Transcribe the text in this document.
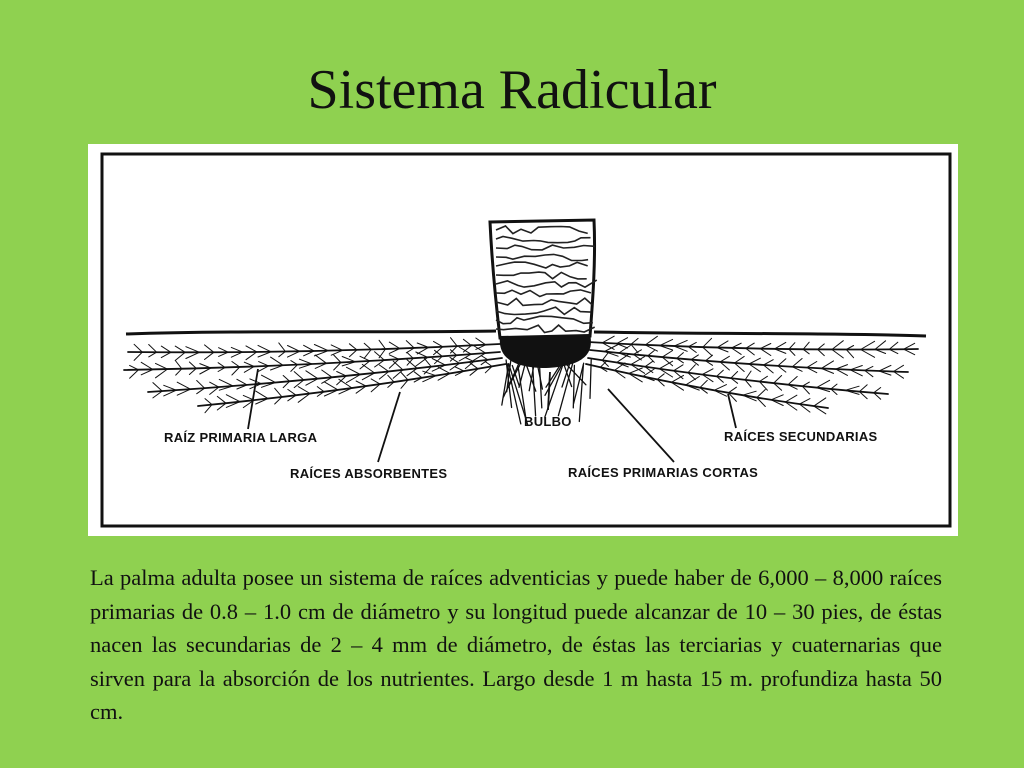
Sistema Radicular
RAÍZ PRIMARIA LARGA
RAÍCES ABSORBENTES
BULBO
RAÍCES PRIMARIAS CORTAS
RAÍCES SECUNDARIAS
La palma adulta posee un sistema de raíces adventicias y puede haber de 6,000 – 8,000 raíces primarias de 0.8 – 1.0 cm de diámetro y su longitud puede alcanzar de 10 – 30 pies, de éstas nacen las secundarias de 2 – 4 mm de diámetro, de éstas las terciarias y cuaternarias que sirven para la absorción de los nutrientes. Largo desde 1 m hasta 15 m. profundiza hasta 50 cm.
